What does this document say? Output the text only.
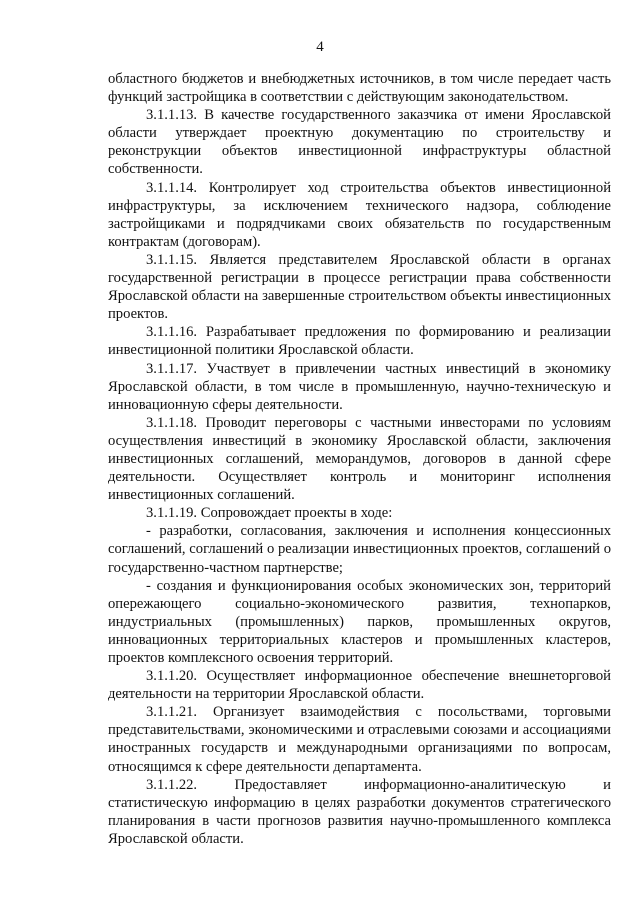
4

областного бюджетов и внебюджетных источников, в том числе передает часть функций застройщика в соответствии с действующим законодательством.

3.1.1.13. В качестве государственного заказчика от имени Ярославской области утверждает проектную документацию по строительству и реконструкции объектов инвестиционной инфраструктуры областной собственности.

3.1.1.14. Контролирует ход строительства объектов инвестиционной инфраструктуры, за исключением технического надзора, соблюдение застройщиками и подрядчиками своих обязательств по государственным контрактам (договорам).

3.1.1.15. Является представителем Ярославской области в органах государственной регистрации в процессе регистрации права собственности Ярославской области на завершенные строительством объекты инвестиционных проектов.

3.1.1.16. Разрабатывает предложения по формированию и реализации инвестиционной политики Ярославской области.

3.1.1.17. Участвует в привлечении частных инвестиций в экономику Ярославской области, в том числе в промышленную, научно-техническую и инновационную сферы деятельности.

3.1.1.18. Проводит переговоры с частными инвесторами по условиям осуществления инвестиций в экономику Ярославской области, заключения инвестиционных соглашений, меморандумов, договоров в данной сфере деятельности. Осуществляет контроль и мониторинг исполнения инвестиционных соглашений.

3.1.1.19. Сопровождает проекты в ходе:

- разработки, согласования, заключения и исполнения концессионных соглашений, соглашений о реализации инвестиционных проектов, соглашений о государственно-частном партнерстве;

- создания и функционирования особых экономических зон, территорий опережающего социально-экономического развития, технопарков, индустриальных (промышленных) парков, промышленных округов, инновационных территориальных кластеров и промышленных кластеров, проектов комплексного освоения территорий.

3.1.1.20. Осуществляет информационное обеспечение внешнеторговой деятельности на территории Ярославской области.

3.1.1.21. Организует взаимодействия с посольствами, торговыми представительствами, экономическими и отраслевыми союзами и ассоциациями иностранных государств и международными организациями по вопросам, относящимся к сфере деятельности департамента.

3.1.1.22. Предоставляет информационно-аналитическую и статистическую информацию в целях разработки документов стратегического планирования в части прогнозов развития научно-промышленного комплекса Ярославской области.
